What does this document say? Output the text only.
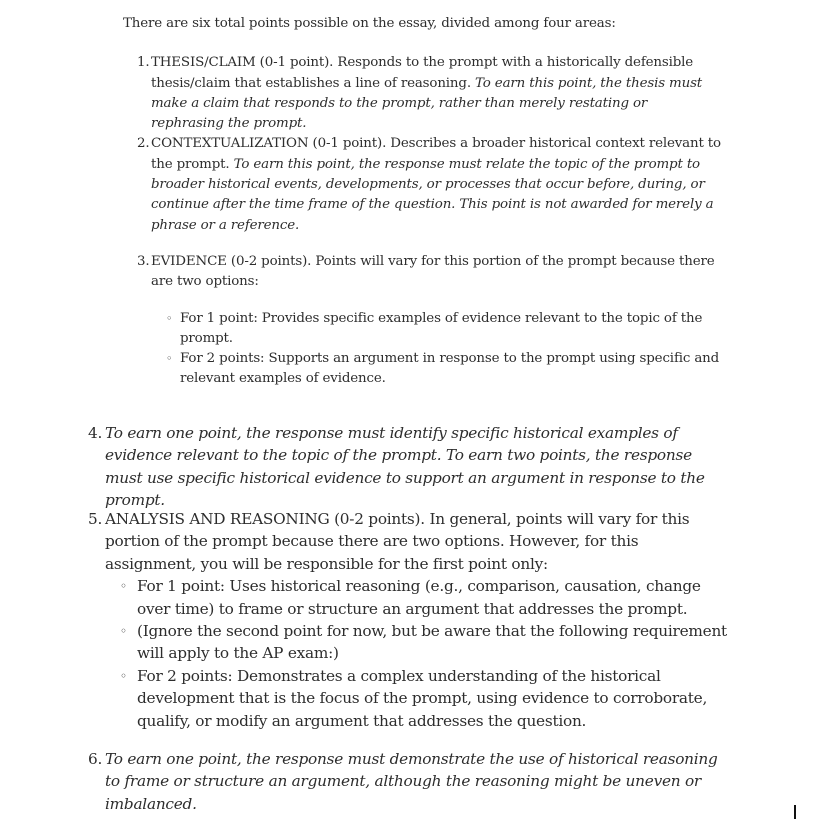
There are six total points possible on the essay, divided among four areas:

1. THESIS/CLAIM (0-1 point). Responds to the prompt with a historically defensible thesis/claim that establishes a line of reasoning. To earn this point, the thesis must make a claim that responds to the prompt, rather than merely restating or rephrasing the prompt.
2. CONTEXTUALIZATION (0-1 point). Describes a broader historical context relevant to the prompt. To earn this point, the response must relate the topic of the prompt to broader historical events, developments, or processes that occur before, during, or continue after the time frame of the question. This point is not awarded for merely a phrase or a reference.
3. EVIDENCE (0-2 points). Points will vary for this portion of the prompt because there are two options:
◦ For 1 point: Provides specific examples of evidence relevant to the topic of the prompt.
◦ For 2 points: Supports an argument in response to the prompt using specific and relevant examples of evidence.
4. To earn one point, the response must identify specific historical examples of evidence relevant to the topic of the prompt. To earn two points, the response must use specific historical evidence to support an argument in response to the prompt.
5. ANALYSIS AND REASONING (0-2 points). In general, points will vary for this portion of the prompt because there are two options. However, for this assignment, you will be responsible for the first point only:
◦ For 1 point: Uses historical reasoning (e.g., comparison, causation, change over time) to frame or structure an argument that addresses the prompt.
◦ (Ignore the second point for now, but be aware that the following requirement will apply to the AP exam:)
◦ For 2 points: Demonstrates a complex understanding of the historical development that is the focus of the prompt, using evidence to corroborate, qualify, or modify an argument that addresses the question.
6. To earn one point, the response must demonstrate the use of historical reasoning to frame or structure an argument, although the reasoning might be uneven or imbalanced.
